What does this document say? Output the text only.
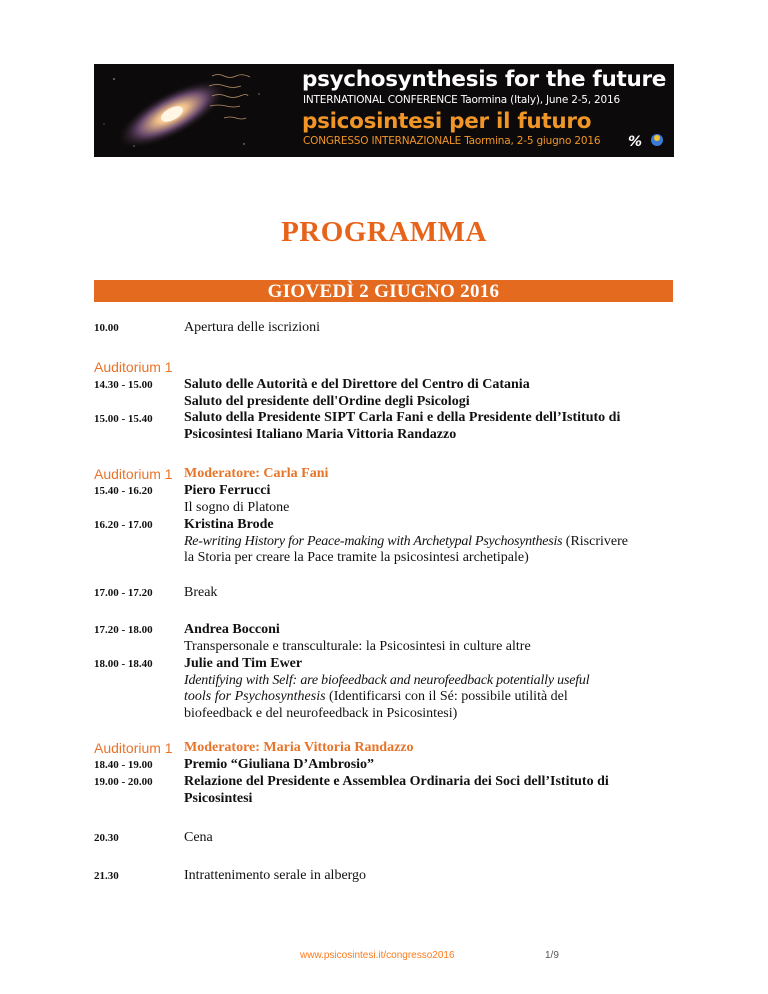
psychosynthesis for the future
INTERNATIONAL CONFERENCE Taormina (Italy), June 2-5, 2016
psicosintesi per il futuro
CONGRESSO INTERNAZIONALE Taormina, 2-5 giugno 2016 %
PROGRAMMA
GIOVEDÌ 2 GIUGNO 2016
10.00	Apertura delle iscrizioni
Auditorium 1
14.30 - 15.00 Saluto delle Autorità e del Direttore del Centro di Catania
Saluto del presidente dell'Ordine degli Psicologi
15.00 - 15.40 Saluto della Presidente SIPT Carla Fani e della Presidente dell’Istituto di
Psicosintesi Italiano Maria Vittoria Randazzo
Auditorium 1 Moderatore: Carla Fani
15.40 - 16.20 Piero Ferrucci
Il sogno di Platone
16.20 - 17.00 Kristina Brode
Re-writing History for Peace-making with Archetypal Psychosynthesis (Riscrivere
la Storia per creare la Pace tramite la psicosintesi archetipale)
17.00 - 17.20 Break
17.20 - 18.00 Andrea Bocconi
Transpersonale e transculturale: la Psicosintesi in culture altre
18.00 - 18.40 Julie and Tim Ewer
Identifying with Self: are biofeedback and neurofeedback potentially useful
tools for Psychosynthesis (Identificarsi con il Sé: possibile utilità del
biofeedback e del neurofeedback in Psicosintesi)
Auditorium 1 Moderatore: Maria Vittoria Randazzo
18.40 - 19.00 Premio “Giuliana D’Ambrosio”
19.00 - 20.00 Relazione del Presidente e Assemblea Ordinaria dei Soci dell’Istituto di
Psicosintesi
20.30	Cena
21.30	Intrattenimento serale in albergo
www.psicosintesi.it/congresso2016	1/9
